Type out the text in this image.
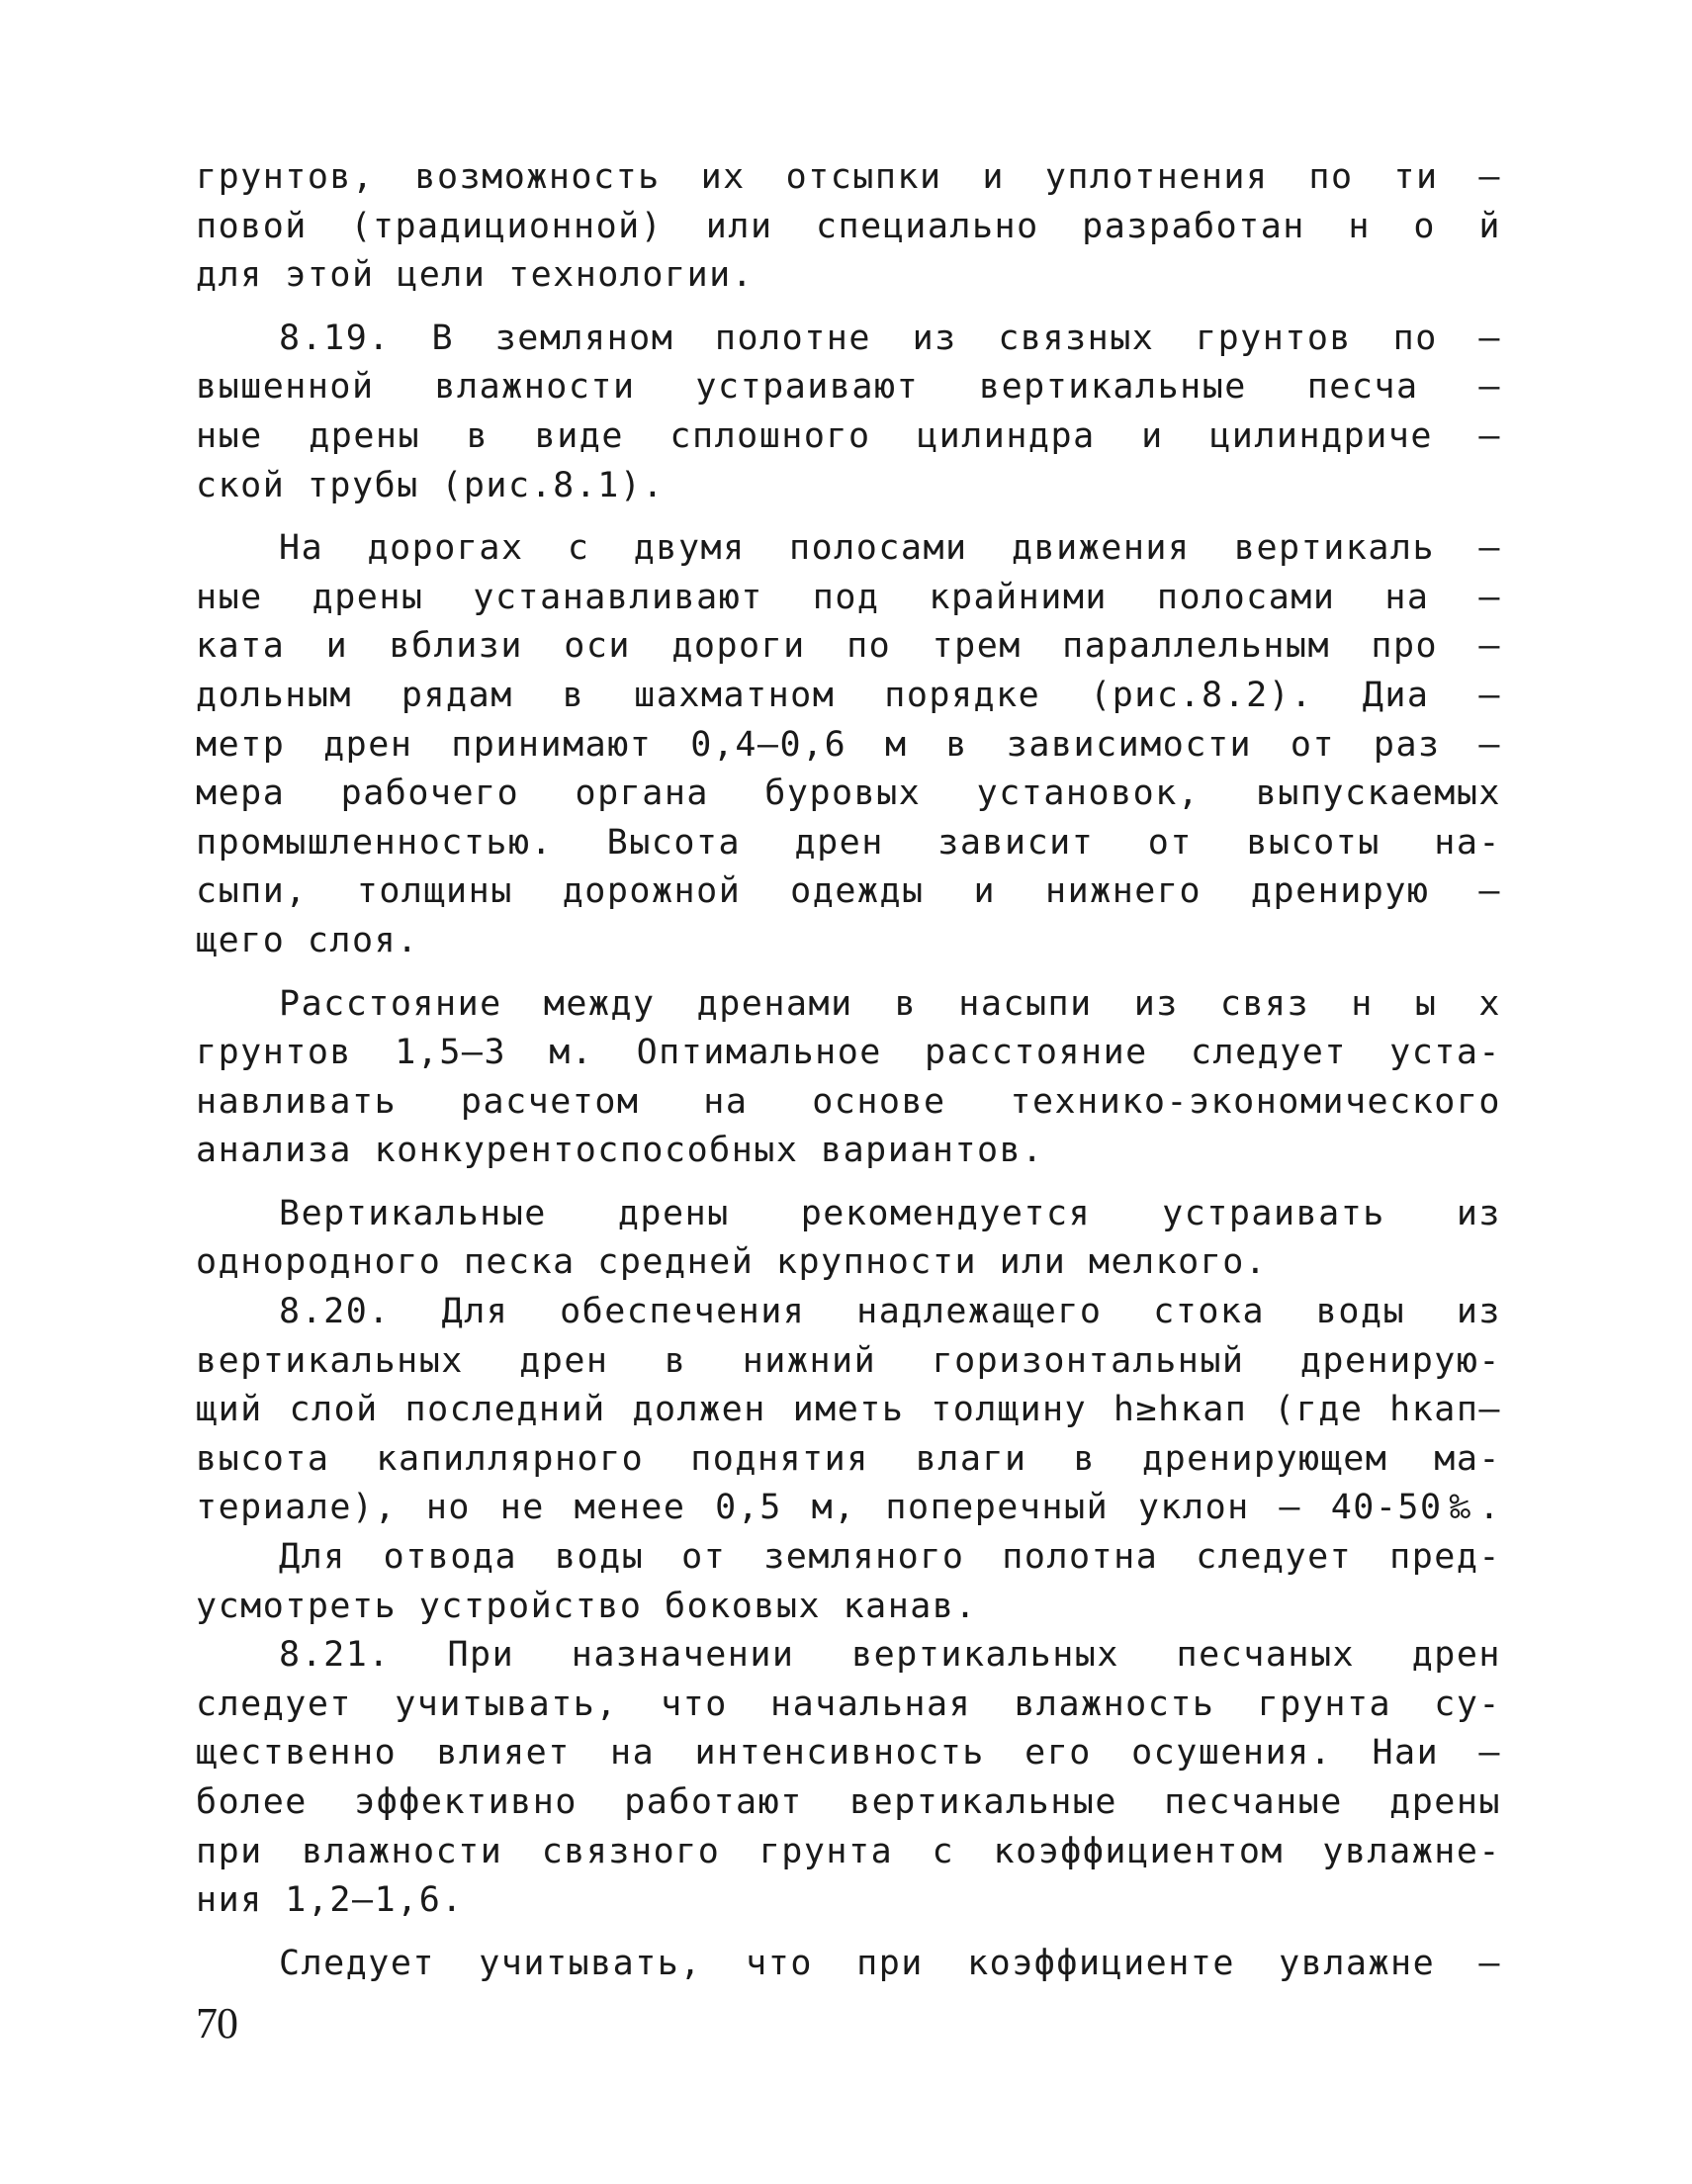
грунтов, возможность их отсыпки и уплотнения по ти –
повой (традиционной) или специально разработан н о й
для этой цели технологии.
8.19. В земляном полотне из связных грунтов по –
вышенной влажности устраивают вертикальные песча –
ные дрены в виде сплошного цилиндра и цилиндриче –
ской трубы (рис.8.1).
На дорогах с двумя полосами движения вертикаль –
ные дрены устанавливают под крайними полосами на –
ката и вблизи оси дороги по трем параллельным про –
дольным рядам в шахматном порядке (рис.8.2). Диа –
метр дрен принимают 0,4–0,6 м в зависимости от раз –
мера рабочего органа буровых установок, выпускаемых
промышленностью. Высота дрен зависит от высоты на-
сыпи, толщины дорожной одежды и нижнего дренирую –
щего слоя.
Расстояние между дренами в насыпи из связ н ы х
грунтов 1,5–3 м. Оптимальное расстояние следует уста-
навливать расчетом на основе технико-экономического
анализа конкурентоспособных вариантов.
Вертикальные дрены рекомендуется устраивать из
однородного песка средней крупности или мелкого.
8.20. Для обеспечения надлежащего стока воды из
вертикальных дрен в нижний горизонтальный дренирую-
щий слой последний должен иметь толщину h≥hкап (где hкап–
высота капиллярного поднятия влаги в дренирующем ма-
териале), но не менее 0,5 м, поперечный уклон – 40-50‰.
Для отвода воды от земляного полотна следует пред-
усмотреть устройство боковых канав.
8.21. При назначении вертикальных песчаных дрен
следует учитывать, что начальная влажность грунта су-
щественно влияет на интенсивность его осушения. Наи –
более эффективно работают вертикальные песчаные дрены
при влажности связного грунта с коэффициентом увлажне-
ния 1,2–1,6.
Следует учитывать, что при коэффициенте увлажне –
70
